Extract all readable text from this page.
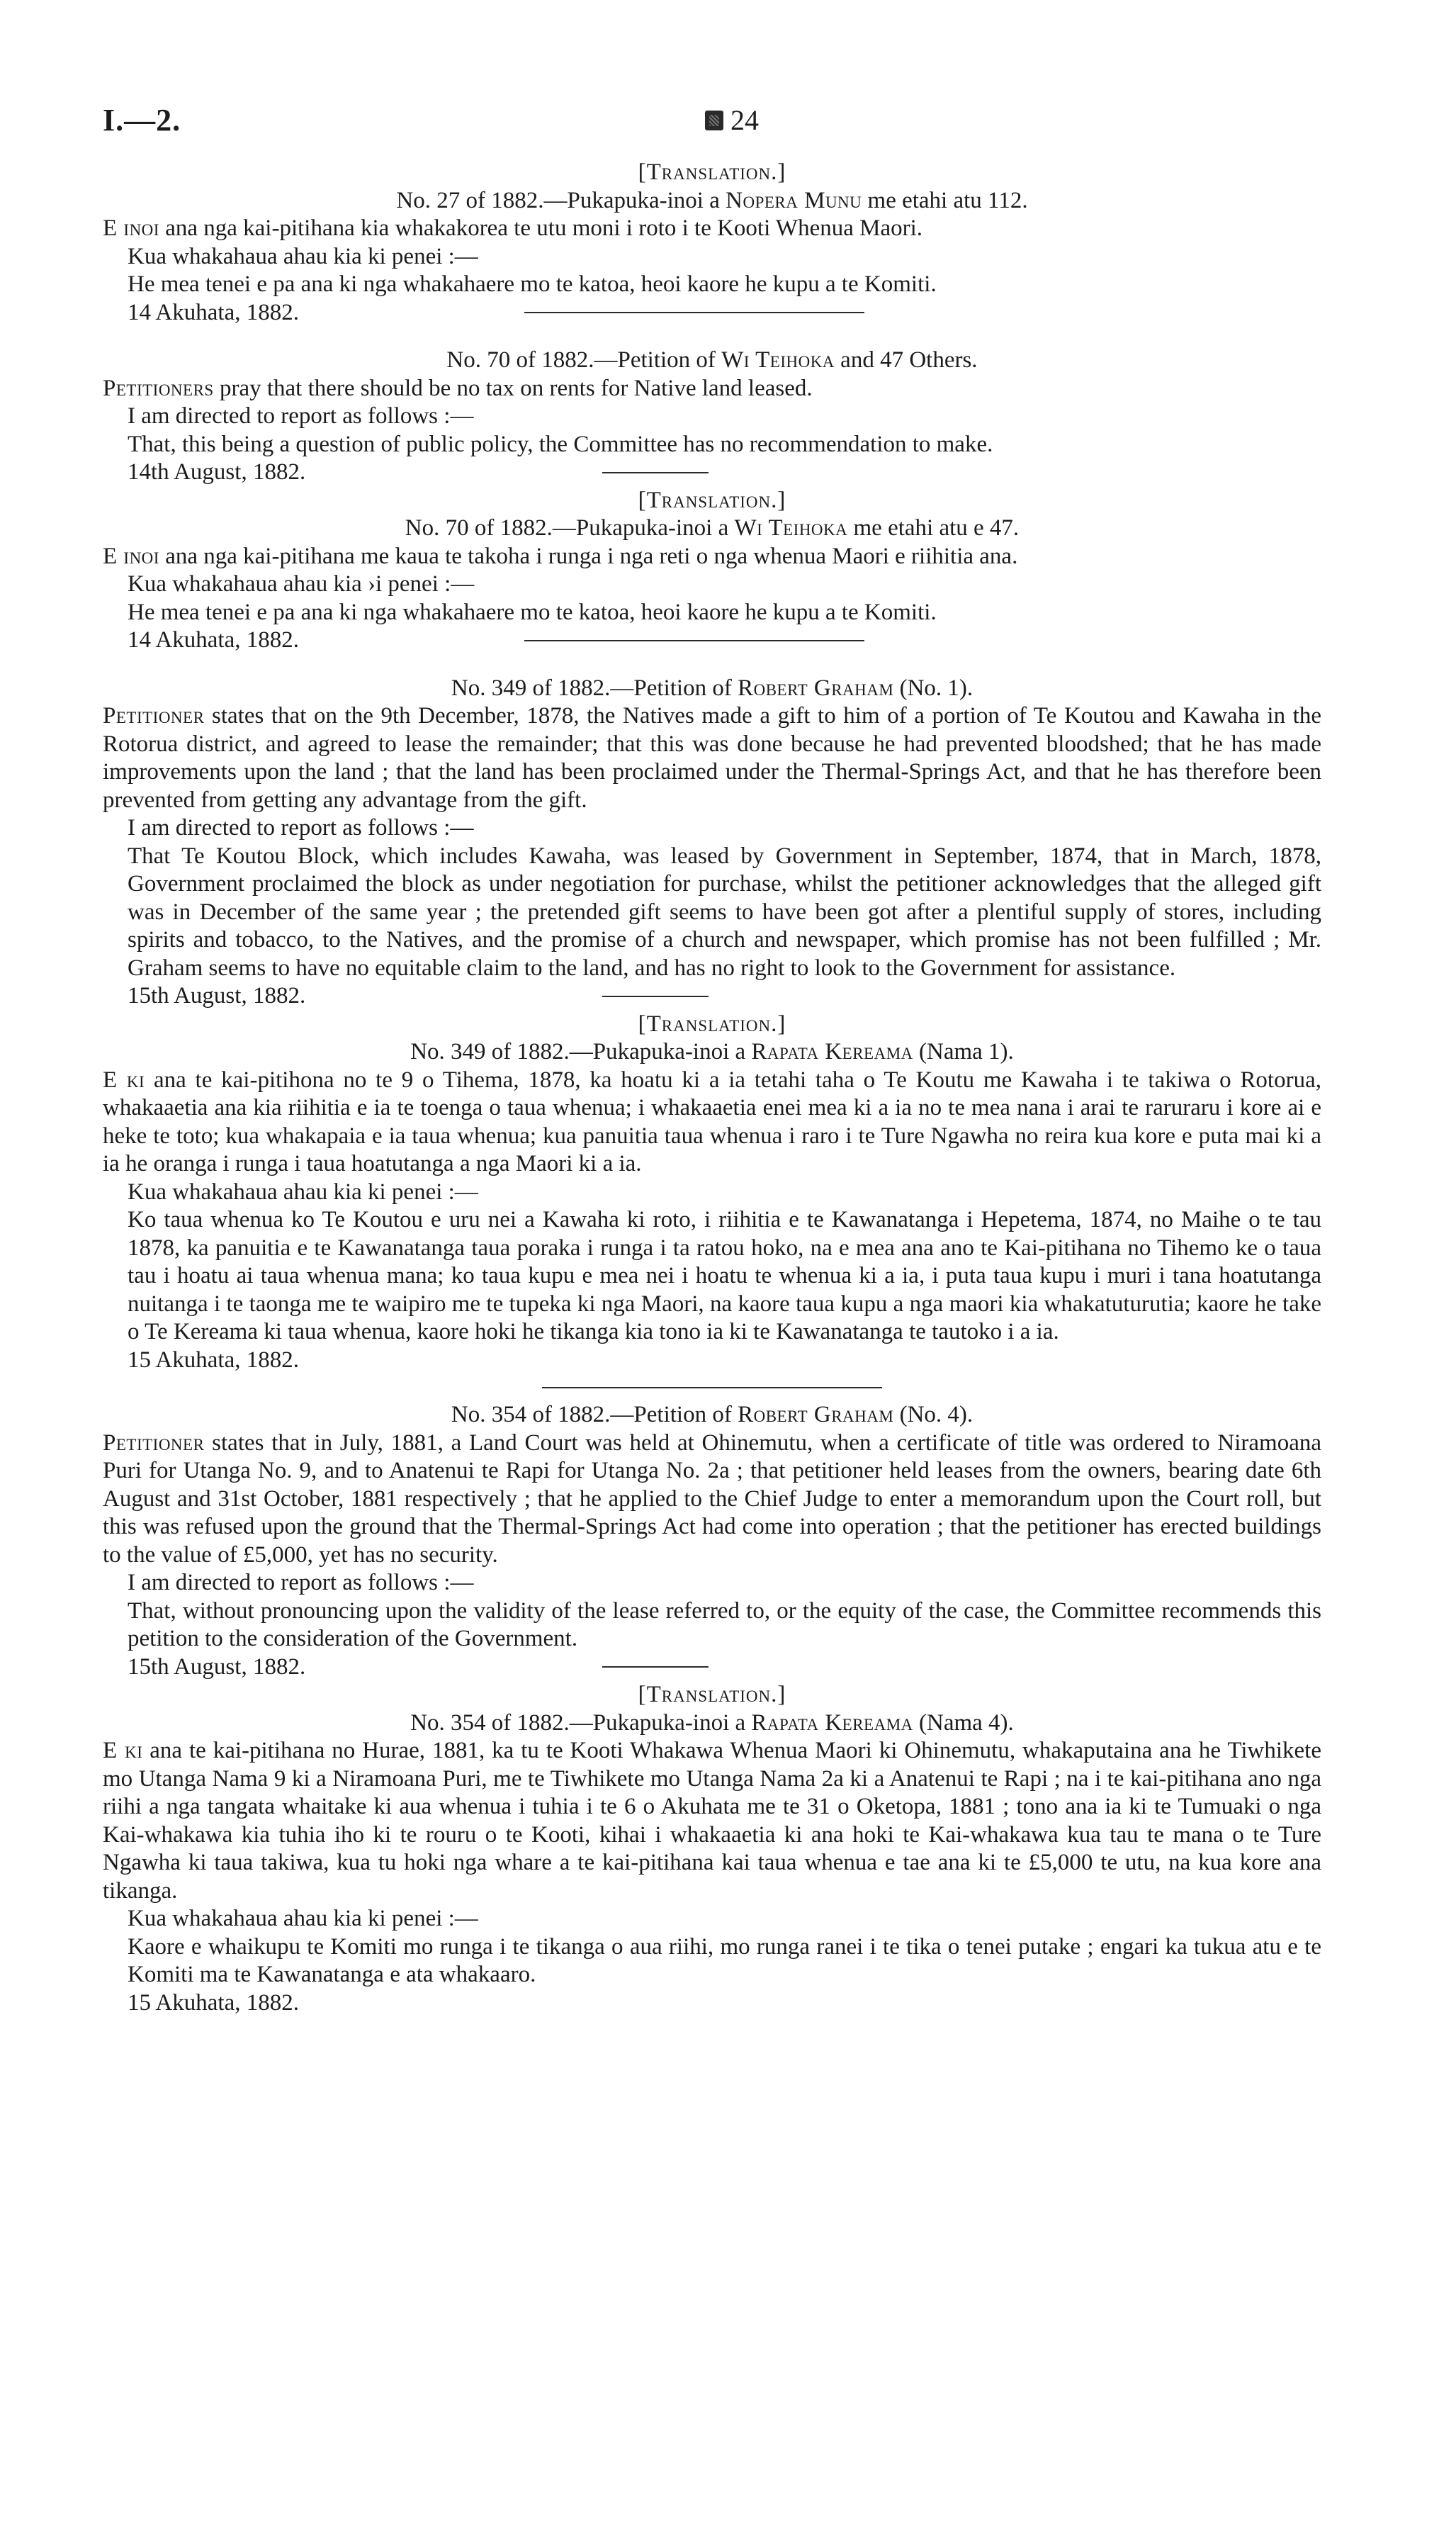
I.—2.	24

[Translation.]

No. 27 of 1882.—Pukapuka-inoi a Nopera Munu me etahi atu 112.

E inoi ana nga kai-pitihana kia whakakorea te utu moni i roto i te Kooti Whenua Maori.

Kua whakahaua ahau kia ki penei :—

He mea tenei e pa ana ki nga whakahaere mo te katoa, heoi kaore he kupu a te Komiti.

14 Akuhata, 1882.

No. 70 of 1882.—Petition of Wi Teihoka and 47 Others.

Petitioners pray that there should be no tax on rents for Native land leased.

I am directed to report as follows :—

That, this being a question of public policy, the Committee has no recommendation to make.

14th August, 1882.

[Translation.]

No. 70 of 1882.—Pukapuka-inoi a Wi Teihoka me etahi atu e 47.

E inoi ana nga kai-pitihana me kaua te takoha i runga i nga reti o nga whenua Maori e riihitia ana.

Kua whakahaua ahau kia ›i penei :—

He mea tenei e pa ana ki nga whakahaere mo te katoa, heoi kaore he kupu a te Komiti.

14 Akuhata, 1882.

No. 349 of 1882.—Petition of Robert Graham (No. 1).

Petitioner states that on the 9th December, 1878, the Natives made a gift to him of a portion of Te Koutou and Kawaha in the Rotorua district, and agreed to lease the remainder; that this was done because he had prevented bloodshed; that he has made improvements upon the land ; that the land has been proclaimed under the Thermal-Springs Act, and that he has therefore been prevented from getting any advantage from the gift.

I am directed to report as follows :—

That Te Koutou Block, which includes Kawaha, was leased by Government in September, 1874, that in March, 1878, Government proclaimed the block as under negotiation for purchase, whilst the petitioner acknowledges that the alleged gift was in December of the same year ; the pretended gift seems to have been got after a plentiful supply of stores, including spirits and tobacco, to the Natives, and the promise of a church and newspaper, which promise has not been fulfilled ; Mr. Graham seems to have no equitable claim to the land, and has no right to look to the Government for assistance.

15th August, 1882.

[Translation.]

No. 349 of 1882.—Pukapuka-inoi a Rapata Kereama (Nama 1).

E ki ana te kai-pitihona no te 9 o Tihema, 1878, ka hoatu ki a ia tetahi taha o Te Koutu me Kawaha i te takiwa o Rotorua, whakaaetia ana kia riihitia e ia te toenga o taua whenua; i whakaaetia enei mea ki a ia no te mea nana i arai te raruraru i kore ai e heke te toto; kua whakapaia e ia taua whenua; kua panuitia taua whenua i raro i te Ture Ngawha no reira kua kore e puta mai ki a ia he oranga i runga i taua hoatutanga a nga Maori ki a ia.

Kua whakahaua ahau kia ki penei :—

Ko taua whenua ko Te Koutou e uru nei a Kawaha ki roto, i riihitia e te Kawanatanga i Hepetema, 1874, no Maihe o te tau 1878, ka panuitia e te Kawanatanga taua poraka i runga i ta ratou hoko, na e mea ana ano te Kai-pitihana no Tihemo ke o taua tau i hoatu ai taua whenua mana; ko taua kupu e mea nei i hoatu te whenua ki a ia, i puta taua kupu i muri i tana hoatutanga nuitanga i te taonga me te waipiro me te tupeka ki nga Maori, na kaore taua kupu a nga maori kia whakatuturutia; kaore he take o Te Kereama ki taua whenua, kaore hoki he tikanga kia tono ia ki te Kawanatanga te tautoko i a ia.

15 Akuhata, 1882.

No. 354 of 1882.—Petition of Robert Graham (No. 4).

Petitioner states that in July, 1881, a Land Court was held at Ohinemutu, when a certificate of title was ordered to Niramoana Puri for Utanga No. 9, and to Anatenui te Rapi for Utanga No. 2a ; that petitioner held leases from the owners, bearing date 6th August and 31st October, 1881 respectively ; that he applied to the Chief Judge to enter a memorandum upon the Court roll, but this was refused upon the ground that the Thermal-Springs Act had come into operation ; that the petitioner has erected buildings to the value of £5,000, yet has no security.

I am directed to report as follows :—

That, without pronouncing upon the validity of the lease referred to, or the equity of the case, the Committee recommends this petition to the consideration of the Government.

15th August, 1882.

[Translation.]

No. 354 of 1882.—Pukapuka-inoi a Rapata Kereama (Nama 4).

E ki ana te kai-pitihana no Hurae, 1881, ka tu te Kooti Whakawa Whenua Maori ki Ohinemutu, whakaputaina ana he Tiwhikete mo Utanga Nama 9 ki a Niramoana Puri, me te Tiwhikete mo Utanga Nama 2a ki a Anatenui te Rapi ; na i te kai-pitihana ano nga riihi a nga tangata whaitake ki aua whenua i tuhia i te 6 o Akuhata me te 31 o Oketopa, 1881 ; tono ana ia ki te Tumuaki o nga Kai-whakawa kia tuhia iho ki te rouru o te Kooti, kihai i whakaaetia ki ana hoki te Kai-whakawa kua tau te mana o te Ture Ngawha ki taua takiwa, kua tu hoki nga whare a te kai-pitihana kai taua whenua e tae ana ki te £5,000 te utu, na kua kore ana tikanga.

Kua whakahaua ahau kia ki penei :—

Kaore e whaikupu te Komiti mo runga i te tikanga o aua riihi, mo runga ranei i te tika o tenei putake ; engari ka tukua atu e te Komiti ma te Kawanatanga e ata whakaaro.

15 Akuhata, 1882.
